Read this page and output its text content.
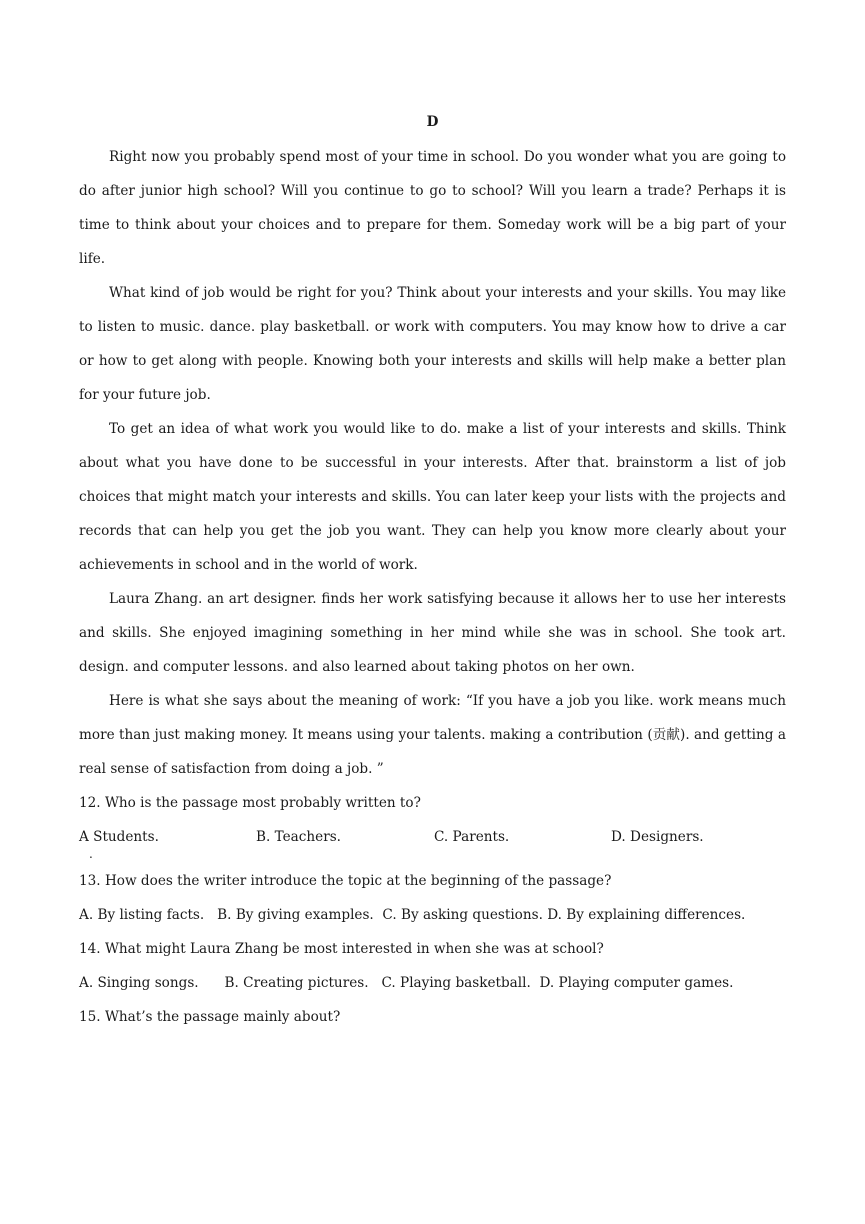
D

Right now you probably spend most of your time in school. Do you wonder what you are going to do after junior high school? Will you continue to go to school? Will you learn a trade? Perhaps it is time to think about your choices and to prepare for them. Someday work will be a big part of your life.

What kind of job would be right for you? Think about your interests and your skills. You may like to listen to music. dance. play basketball. or work with computers. You may know how to drive a car or how to get along with people. Knowing both your interests and skills will help make a better plan for your future job.

To get an idea of what work you would like to do. make a list of your interests and skills. Think about what you have done to be successful in your interests. After that. brainstorm a list of job choices that might match your interests and skills. You can later keep your lists with the projects and records that can help you get the job you want. They can help you know more clearly about your achievements in school and in the world of work.

Laura Zhang. an art designer. finds her work satisfying because it allows her to use her interests and skills. She enjoyed imagining something in her mind while she was in school. She took art. design. and computer lessons. and also learned about taking photos on her own.

Here is what she says about the meaning of work: “If you have a job you like. work means much more than just making money. It means using your talents. making a contribution (贡献). and getting a real sense of satisfaction from doing a job. ”

12. Who is the passage most probably written to?

A Students.	B. Teachers.	C. Parents.	D. Designers.
.

13. How does the writer introduce the topic at the beginning of the passage?

A. By listing facts.   B. By giving examples.  C. By asking questions. D. By explaining differences.

14. What might Laura Zhang be most interested in when she was at school?

A. Singing songs.      B. Creating pictures.   C. Playing basketball.  D. Playing computer games.

15. What’s the passage mainly about?
